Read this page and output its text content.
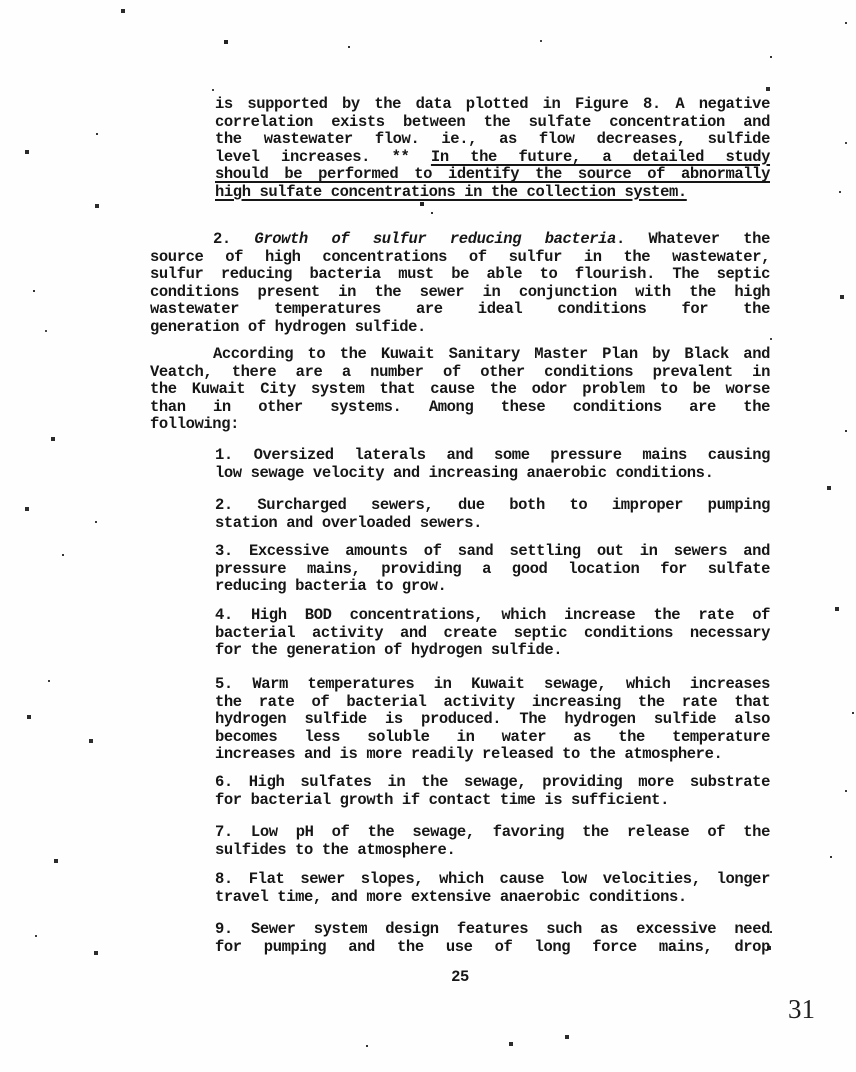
is supported by the data plotted in Figure 8. A negative
correlation exists between the sulfate concentration and
the wastewater flow. ie., as flow decreases, sulfide
level increases. ** In the future, a detailed study
should be performed to identify the source of abnormally
high sulfate concentrations in the collection system.
2. Growth of sulfur reducing bacteria. Whatever the
source of high concentrations of sulfur in the wastewater,
sulfur reducing bacteria must be able to flourish. The septic
conditions present in the sewer in conjunction with the high
wastewater temperatures are ideal conditions for the
generation of hydrogen sulfide.
According to the Kuwait Sanitary Master Plan by Black and
Veatch, there are a number of other conditions prevalent in
the Kuwait City system that cause the odor problem to be worse
than in other systems. Among these conditions are the
following:
1. Oversized laterals and some pressure mains causing
low sewage velocity and increasing anaerobic conditions.
2. Surcharged sewers, due both to improper pumping
station and overloaded sewers.
3. Excessive amounts of sand settling out in sewers and
pressure mains, providing a good location for sulfate
reducing bacteria to grow.
4. High BOD concentrations, which increase the rate of
bacterial activity and create septic conditions necessary
for the generation of hydrogen sulfide.
5. Warm temperatures in Kuwait sewage, which increases
the rate of bacterial activity increasing the rate that
hydrogen sulfide is produced. The hydrogen sulfide also
becomes less soluble in water as the temperature
increases and is more readily released to the atmosphere.
6. High sulfates in the sewage, providing more substrate
for bacterial growth if contact time is sufficient.
7. Low pH of the sewage, favoring the release of the
sulfides to the atmosphere.
8. Flat sewer slopes, which cause low velocities, longer
travel time, and more extensive anaerobic conditions.
9. Sewer system design features such as excessive need
for pumping and the use of long force mains, drop
25
31
